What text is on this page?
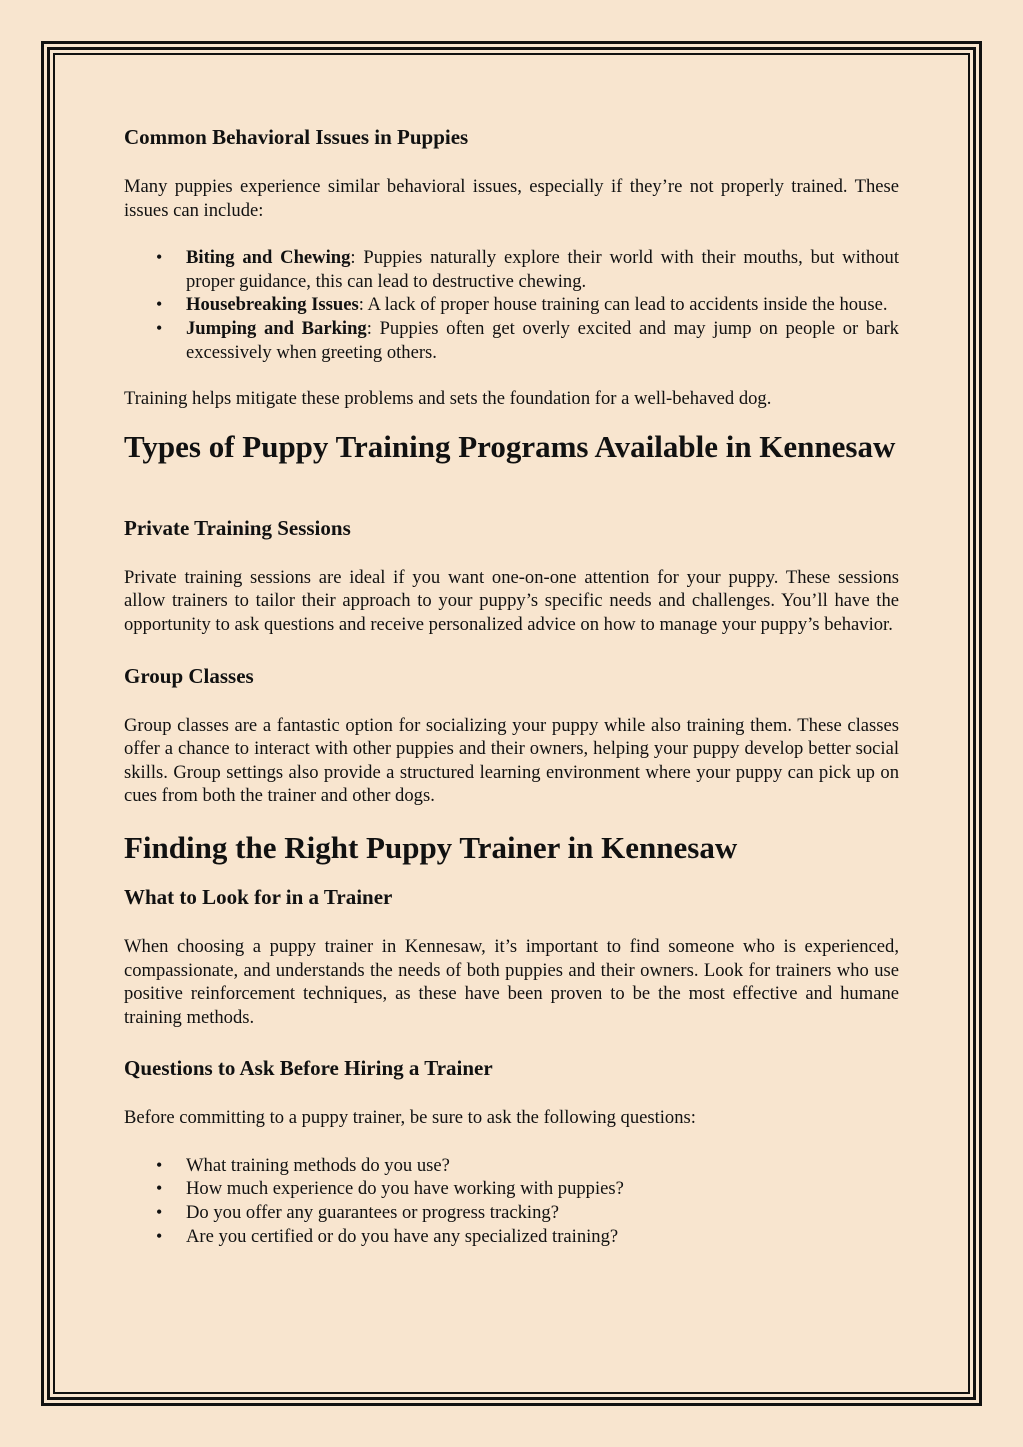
Common Behavioral Issues in Puppies

Many puppies experience similar behavioral issues, especially if they’re not properly trained. These issues can include:

• Biting and Chewing: Puppies naturally explore their world with their mouths, but without proper guidance, this can lead to destructive chewing.
• Housebreaking Issues: A lack of proper house training can lead to accidents inside the house.
• Jumping and Barking: Puppies often get overly excited and may jump on people or bark excessively when greeting others.

Training helps mitigate these problems and sets the foundation for a well-behaved dog.

Types of Puppy Training Programs Available in Kennesaw
Private Training Sessions

Private training sessions are ideal if you want one-on-one attention for your puppy. These sessions allow trainers to tailor their approach to your puppy’s specific needs and challenges. You’ll have the opportunity to ask questions and receive personalized advice on how to manage your puppy’s behavior.

Group Classes

Group classes are a fantastic option for socializing your puppy while also training them. These classes offer a chance to interact with other puppies and their owners, helping your puppy develop better social skills. Group settings also provide a structured learning environment where your puppy can pick up on cues from both the trainer and other dogs.

Finding the Right Puppy Trainer in Kennesaw
What to Look for in a Trainer

When choosing a puppy trainer in Kennesaw, it’s important to find someone who is experienced, compassionate, and understands the needs of both puppies and their owners. Look for trainers who use positive reinforcement techniques, as these have been proven to be the most effective and humane training methods.

Questions to Ask Before Hiring a Trainer

Before committing to a puppy trainer, be sure to ask the following questions:

• What training methods do you use?
• How much experience do you have working with puppies?
• Do you offer any guarantees or progress tracking?
• Are you certified or do you have any specialized training?
